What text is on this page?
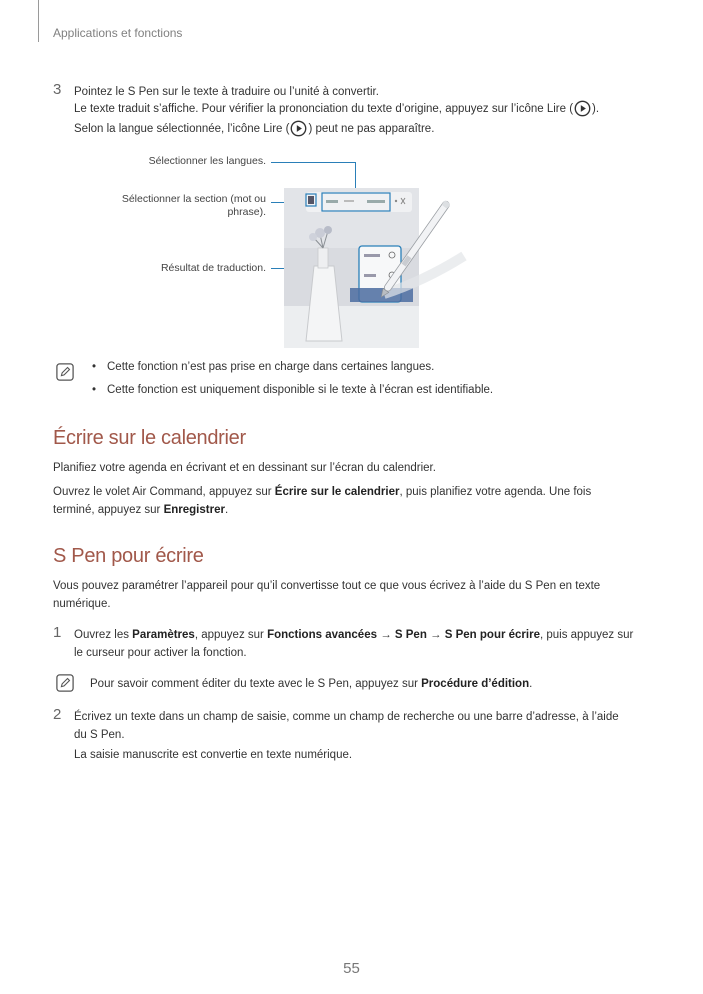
Applications et fonctions
3 Pointez le S Pen sur le texte à traduire ou l’unité à convertir.
Le texte traduit s’affiche. Pour vérifier la prononciation du texte d’origine, appuyez sur l’icône Lire ( ).
Selon la langue sélectionnée, l’icône Lire ( ) peut ne pas apparaître.
Sélectionner les langues.
Sélectionner la section (mot ou phrase).
Résultat de traduction.
• Cette fonction n’est pas prise en charge dans certaines langues.
• Cette fonction est uniquement disponible si le texte à l’écran est identifiable.
Écrire sur le calendrier
Planifiez votre agenda en écrivant et en dessinant sur l’écran du calendrier.
Ouvrez le volet Air Command, appuyez sur Écrire sur le calendrier, puis planifiez votre agenda. Une fois
terminé, appuyez sur Enregistrer.
S Pen pour écrire
Vous pouvez paramétrer l’appareil pour qu’il convertisse tout ce que vous écrivez à l’aide du S Pen en texte
numérique.
1 Ouvrez les Paramètres, appuyez sur Fonctions avancées → S Pen → S Pen pour écrire, puis appuyez sur
le curseur pour activer la fonction.
Pour savoir comment éditer du texte avec le S Pen, appuyez sur Procédure d’édition.
2 Écrivez un texte dans un champ de saisie, comme un champ de recherche ou une barre d’adresse, à l’aide
du S Pen.
La saisie manuscrite est convertie en texte numérique.
55
